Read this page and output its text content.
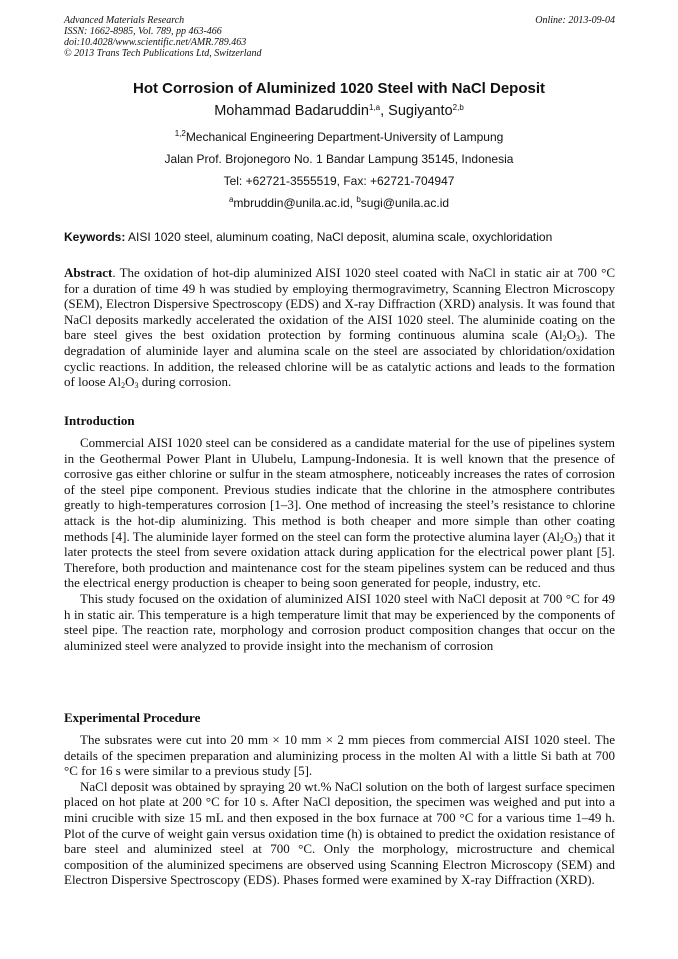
Advanced Materials Research
ISSN: 1662-8985, Vol. 789, pp 463-466
doi:10.4028/www.scientific.net/AMR.789.463
© 2013 Trans Tech Publications Ltd, Switzerland
Online: 2013-09-04
Hot Corrosion of Aluminized 1020 Steel with NaCl Deposit
Mohammad Badaruddin$^{1,a}$, Sugiyanto$^{2,b}$
$^{1,2}$Mechanical Engineering Department-University of Lampung
Jalan Prof. Brojonegoro No. 1 Bandar Lampung 35145, Indonesia
Tel: +62721-3555519, Fax: +62721-704947
$^a$mbruddin@unila.ac.id, $^b$sugi@unila.ac.id
Keywords: AISI 1020 steel, aluminum coating, NaCl deposit, alumina scale, oxychloridation

Abstract. The oxidation of hot-dip aluminized AISI 1020 steel coated with NaCl in static air at 700 °C for a duration of time 49 h was studied by employing thermogravimetry, Scanning Electron Microscopy (SEM), Electron Dispersive Spectroscopy (EDS) and X-ray Diffraction (XRD) analysis. It was found that NaCl deposits markedly accelerated the oxidation of the AISI 1020 steel. The aluminide coating on the bare steel gives the best oxidation protection by forming continuous alumina scale $(Al_2O_3)$. The degradation of aluminide layer and alumina scale on the steel are associated by chloridation/oxidation cyclic reactions. In addition, the released chlorine will be as catalytic actions and leads to the formation of loose $Al_2O_3$ during corrosion.

Introduction

Commercial AISI 1020 steel can be considered as a candidate material for the use of pipelines system in the Geothermal Power Plant in Ulubelu, Lampung-Indonesia. It is well known that the presence of corrosive gas either chlorine or sulfur in the steam atmosphere, noticeably increases the rates of corrosion of the steel pipe component. Previous studies indicate that the chlorine in the atmosphere contributes greatly to high-temperatures corrosion [1–3]. One method of increasing the steel’s resistance to chlorine attack is the hot-dip aluminizing. This method is both cheaper and more simple than other coating methods [4]. The aluminide layer formed on the steel can form the protective alumina layer $(Al_2O_3)$ that it later protects the steel from severe oxidation attack during application for the electrical power plant [5]. Therefore, both production and maintenance cost for the steam pipelines system can be reduced and thus the electrical energy production is cheaper to being soon generated for people, industry, etc.

This study focused on the oxidation of aluminized AISI 1020 steel with NaCl deposit at 700 °C for 49 h in static air. This temperature is a high temperature limit that may be experienced by the components of steel pipe. The reaction rate, morphology and corrosion product composition changes that occur on the aluminized steel were analyzed to provide insight into the mechanism of corrosion

Experimental Procedure

The subsrates were cut into 20 mm × 10 mm × 2 mm pieces from commercial AISI 1020 steel. The details of the specimen preparation and aluminizing process in the molten Al with a little Si bath at 700 °C for 16 s were similar to a previous study [5].

NaCl deposit was obtained by spraying 20 wt.% NaCl solution on the both of largest surface specimen placed on hot plate at 200 °C for 10 s. After NaCl deposition, the specimen was weighed and put into a mini crucible with size 15 mL and then exposed in the box furnace at 700 °C for a various time 1–49 h. Plot of the curve of weight gain versus oxidation time (h) is obtained to predict the oxidation resistance of bare steel and aluminized steel at 700 °C. Only the morphology, microstructure and chemical composition of the aluminized specimens are observed using Scanning Electron Microscopy (SEM) and Electron Dispersive Spectroscopy (EDS). Phases formed were examined by X-ray Diffraction (XRD).
